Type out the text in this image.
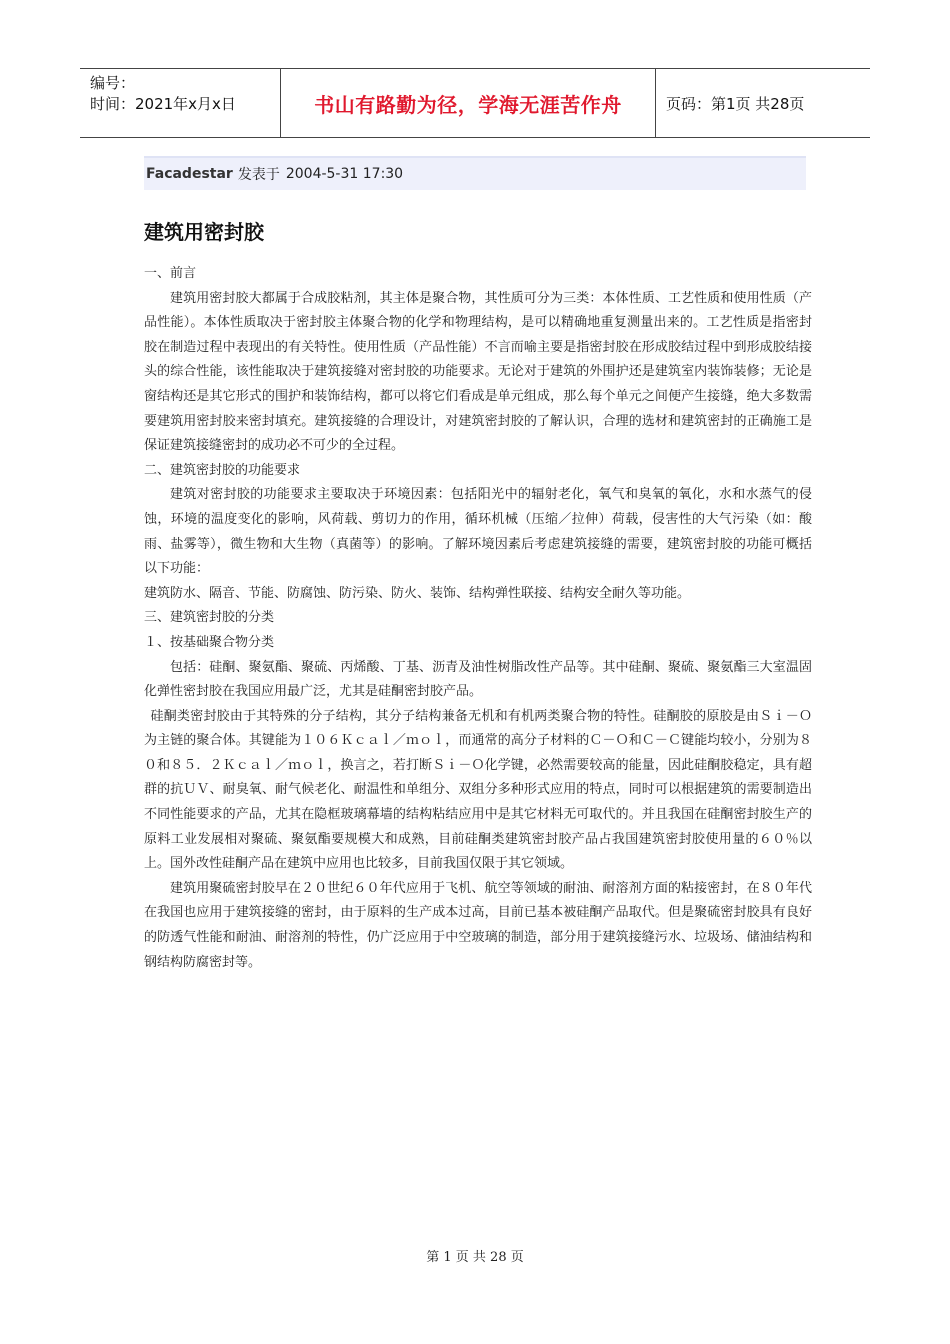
编号：
时间：2021年x月x日	书山有路勤为径，学海无涯苦作舟	页码：第1页 共28页
Facadestar 发表于 2004-5-31 17:30
建筑用密封胶

一、前言

建筑用密封胶大都属于合成胶粘剂，其主体是聚合物，其性质可分为三类：本体性质、工艺性质和使用性质（产品性能）。本体性质取决于密封胶主体聚合物的化学和物理结构，是可以精确地重复测量出来的。工艺性质是指密封胶在制造过程中表现出的有关特性。使用性质（产品性能）不言而喻主要是指密封胶在形成胶结过程中到形成胶结接头的综合性能，该性能取决于建筑接缝对密封胶的功能要求。无论对于建筑的外围护还是建筑室内装饰装修；无论是窗结构还是其它形式的围护和装饰结构，都可以将它们看成是单元组成，那么每个单元之间便产生接缝，绝大多数需要建筑用密封胶来密封填充。建筑接缝的合理设计，对建筑密封胶的了解认识，合理的选材和建筑密封的正确施工是保证建筑接缝密封的成功必不可少的全过程。

二、建筑密封胶的功能要求

建筑对密封胶的功能要求主要取决于环境因素：包括阳光中的辐射老化，氧气和臭氧的氧化，水和水蒸气的侵蚀，环境的温度变化的影响，风荷载、剪切力的作用，循环机械（压缩／拉伸）荷载，侵害性的大气污染（如：酸雨、盐雾等），微生物和大生物（真菌等）的影响。了解环境因素后考虑建筑接缝的需要，建筑密封胶的功能可概括以下功能：

建筑防水、隔音、节能、防腐蚀、防污染、防火、装饰、结构弹性联接、结构安全耐久等功能。

三、建筑密封胶的分类

１、按基础聚合物分类

包括：硅酮、聚氨酯、聚硫、丙烯酸、丁基、沥青及油性树脂改性产品等。其中硅酮、聚硫、聚氨酯三大室温固化弹性密封胶在我国应用最广泛，尤其是硅酮密封胶产品。

硅酮类密封胶由于其特殊的分子结构，其分子结构兼备无机和有机两类聚合物的特性。硅酮胶的原胶是由Ｓｉ－Ｏ为主链的聚合体。其键能为１０６Ｋｃａｌ／ｍｏｌ，而通常的高分子材料的Ｃ－Ｏ和Ｃ－Ｃ键能均较小，分别为８０和８５．２Ｋｃａｌ／ｍｏｌ，换言之，若打断Ｓｉ－Ｏ化学键，必然需要较高的能量，因此硅酮胶稳定，具有超群的抗ＵＶ、耐臭氧、耐气候老化、耐温性和单组分、双组分多种形式应用的特点，同时可以根据建筑的需要制造出不同性能要求的产品，尤其在隐框玻璃幕墙的结构粘结应用中是其它材料无可取代的。并且我国在硅酮密封胶生产的原料工业发展相对聚硫、聚氨酯要规模大和成熟，目前硅酮类建筑密封胶产品占我国建筑密封胶使用量的６０％以上。国外改性硅酮产品在建筑中应用也比较多，目前我国仅限于其它领域。

建筑用聚硫密封胶早在２０世纪６０年代应用于飞机、航空等领域的耐油、耐溶剂方面的粘接密封，在８０年代在我国也应用于建筑接缝的密封，由于原料的生产成本过高，目前已基本被硅酮产品取代。但是聚硫密封胶具有良好的防透气性能和耐油、耐溶剂的特性，仍广泛应用于中空玻璃的制造，部分用于建筑接缝污水、垃圾场、储油结构和钢结构防腐密封等。

第 1 页 共 28 页
